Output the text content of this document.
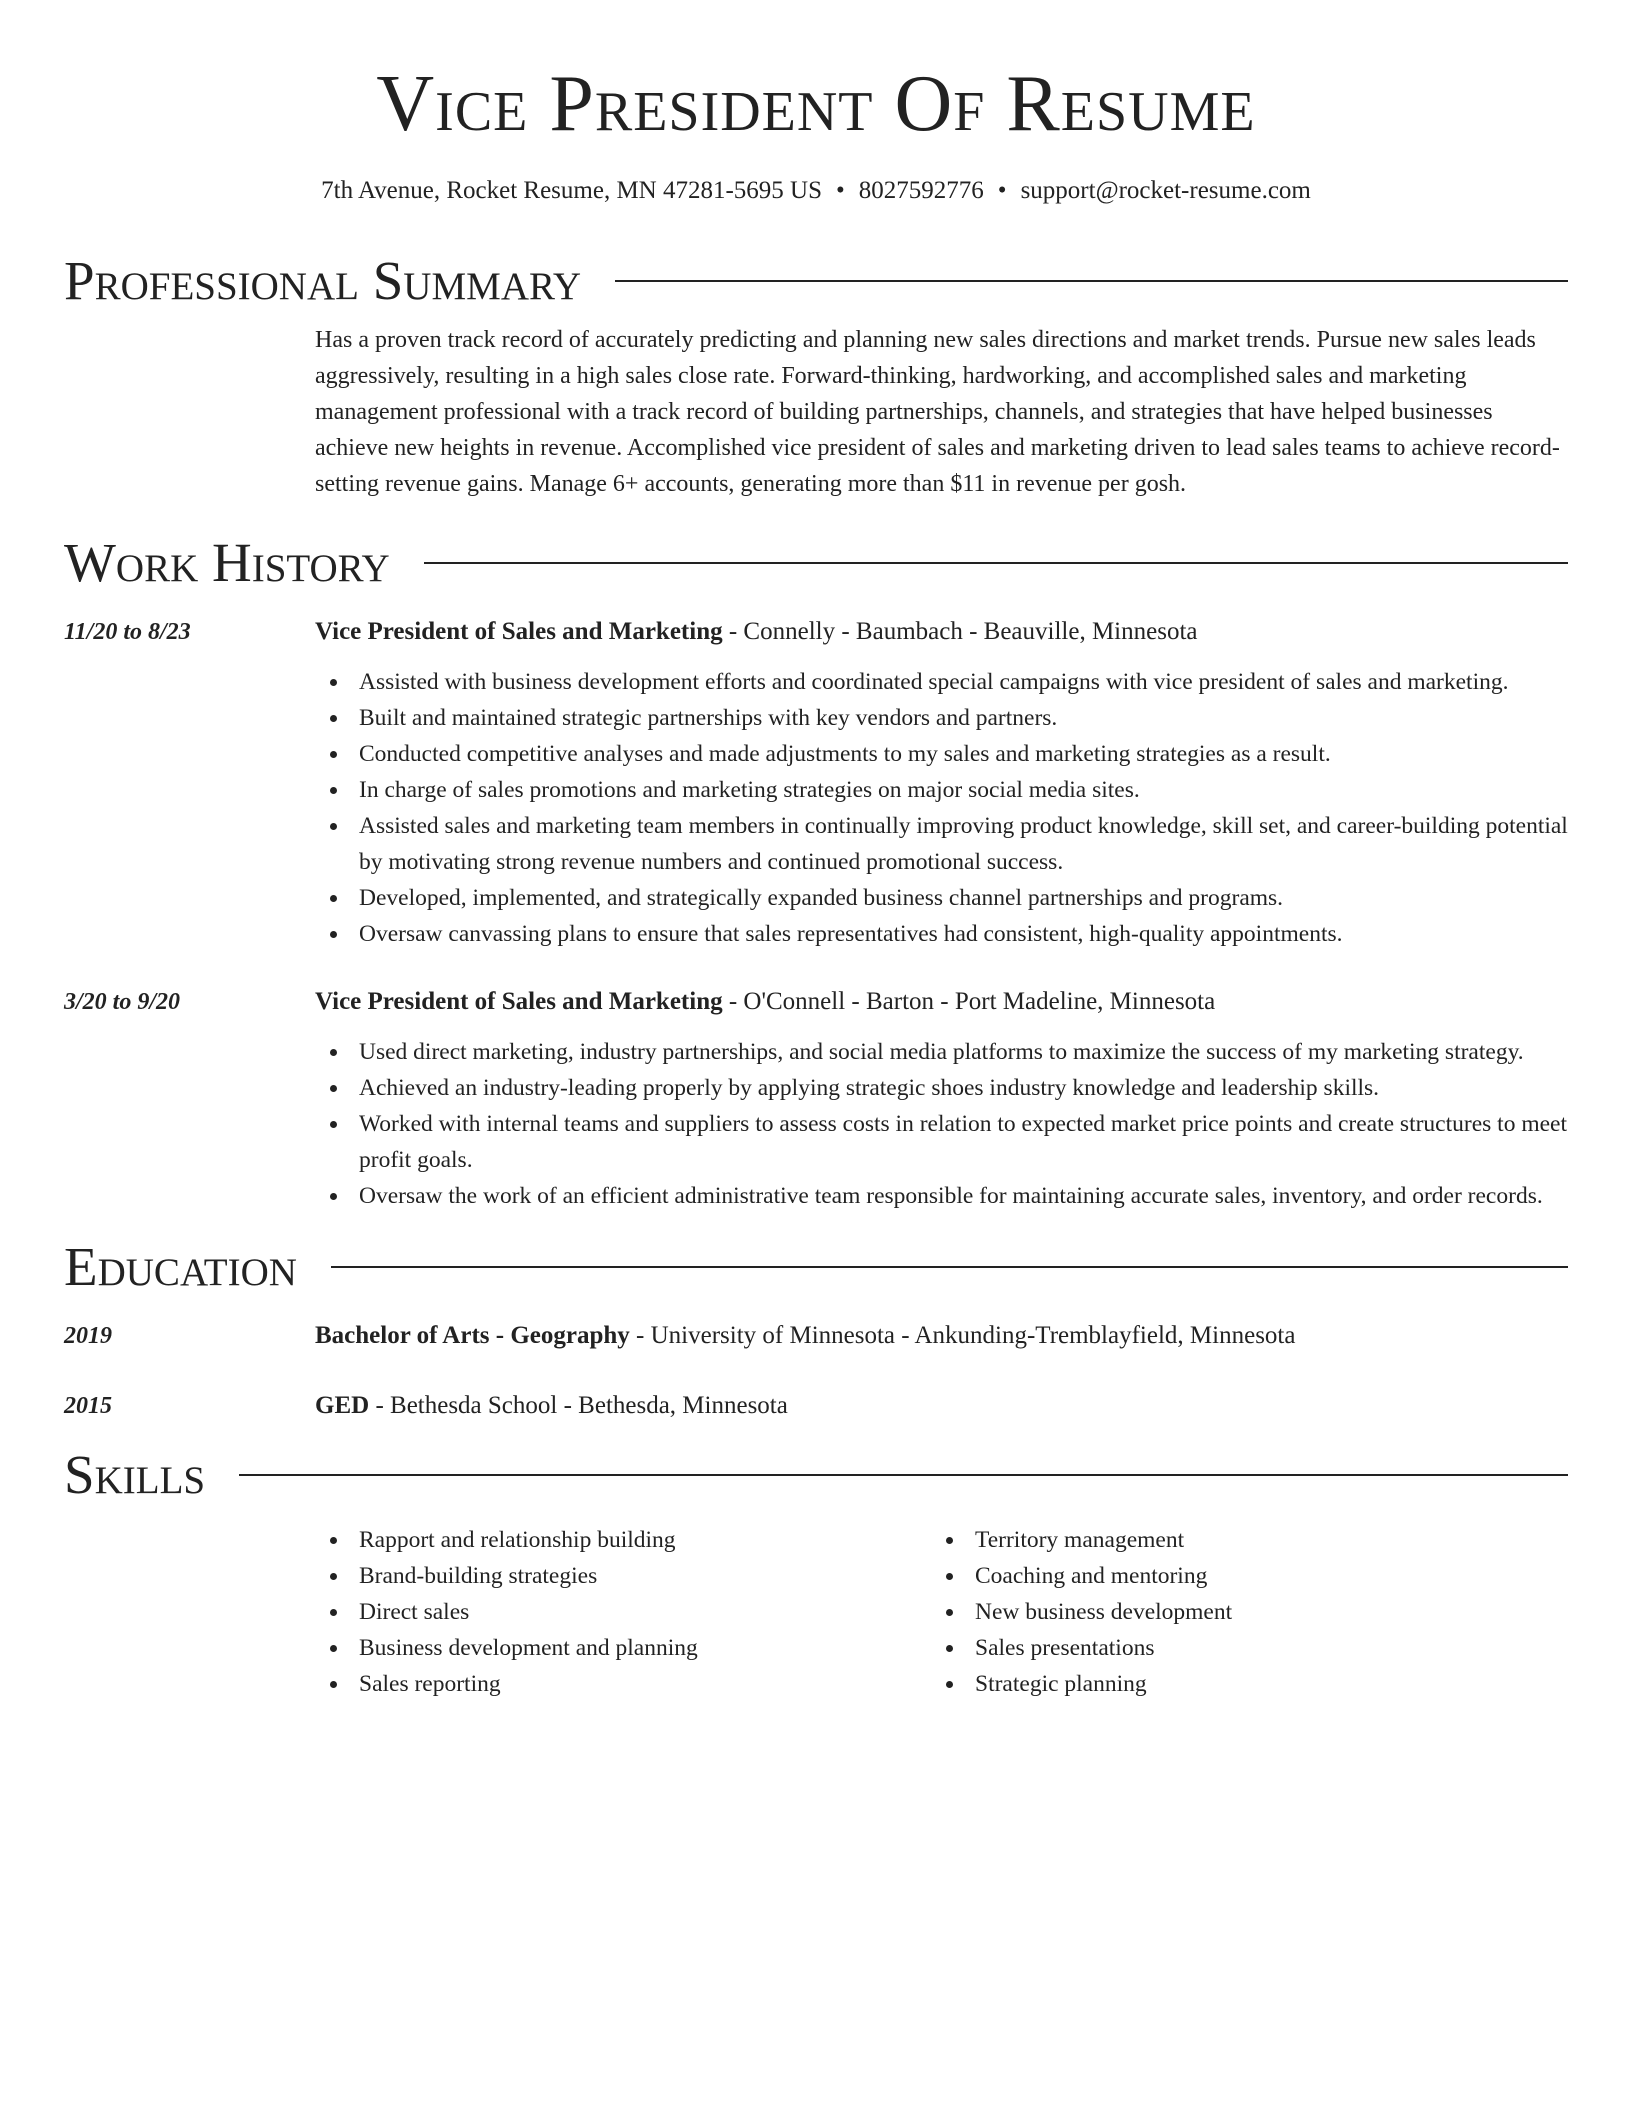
Vice President Of Resume
7th Avenue, Rocket Resume, MN 47281-5695 US • 8027592776 • support@rocket-resume.com
Professional Summary
Has a proven track record of accurately predicting and planning new sales directions and market trends. Pursue new sales leads aggressively, resulting in a high sales close rate. Forward-thinking, hardworking, and accomplished sales and marketing management professional with a track record of building partnerships, channels, and strategies that have helped businesses achieve new heights in revenue. Accomplished vice president of sales and marketing driven to lead sales teams to achieve record-setting revenue gains. Manage 6+ accounts, generating more than $11 in revenue per gosh.
Work History
11/20 to 8/23	Vice President of Sales and Marketing - Connelly - Baumbach - Beauville, Minnesota
Assisted with business development efforts and coordinated special campaigns with vice president of sales and marketing.
Built and maintained strategic partnerships with key vendors and partners.
Conducted competitive analyses and made adjustments to my sales and marketing strategies as a result.
In charge of sales promotions and marketing strategies on major social media sites.
Assisted sales and marketing team members in continually improving product knowledge, skill set, and career-building potential by motivating strong revenue numbers and continued promotional success.
Developed, implemented, and strategically expanded business channel partnerships and programs.
Oversaw canvassing plans to ensure that sales representatives had consistent, high-quality appointments.
3/20 to 9/20	Vice President of Sales and Marketing - O'Connell - Barton - Port Madeline, Minnesota
Used direct marketing, industry partnerships, and social media platforms to maximize the success of my marketing strategy.
Achieved an industry-leading properly by applying strategic shoes industry knowledge and leadership skills.
Worked with internal teams and suppliers to assess costs in relation to expected market price points and create structures to meet profit goals.
Oversaw the work of an efficient administrative team responsible for maintaining accurate sales, inventory, and order records.
Education
2019	Bachelor of Arts - Geography - University of Minnesota - Ankunding-Tremblayfield, Minnesota
2015	GED - Bethesda School - Bethesda, Minnesota
Skills
Rapport and relationship building
Brand-building strategies
Direct sales
Business development and planning
Sales reporting
Territory management
Coaching and mentoring
New business development
Sales presentations
Strategic planning
